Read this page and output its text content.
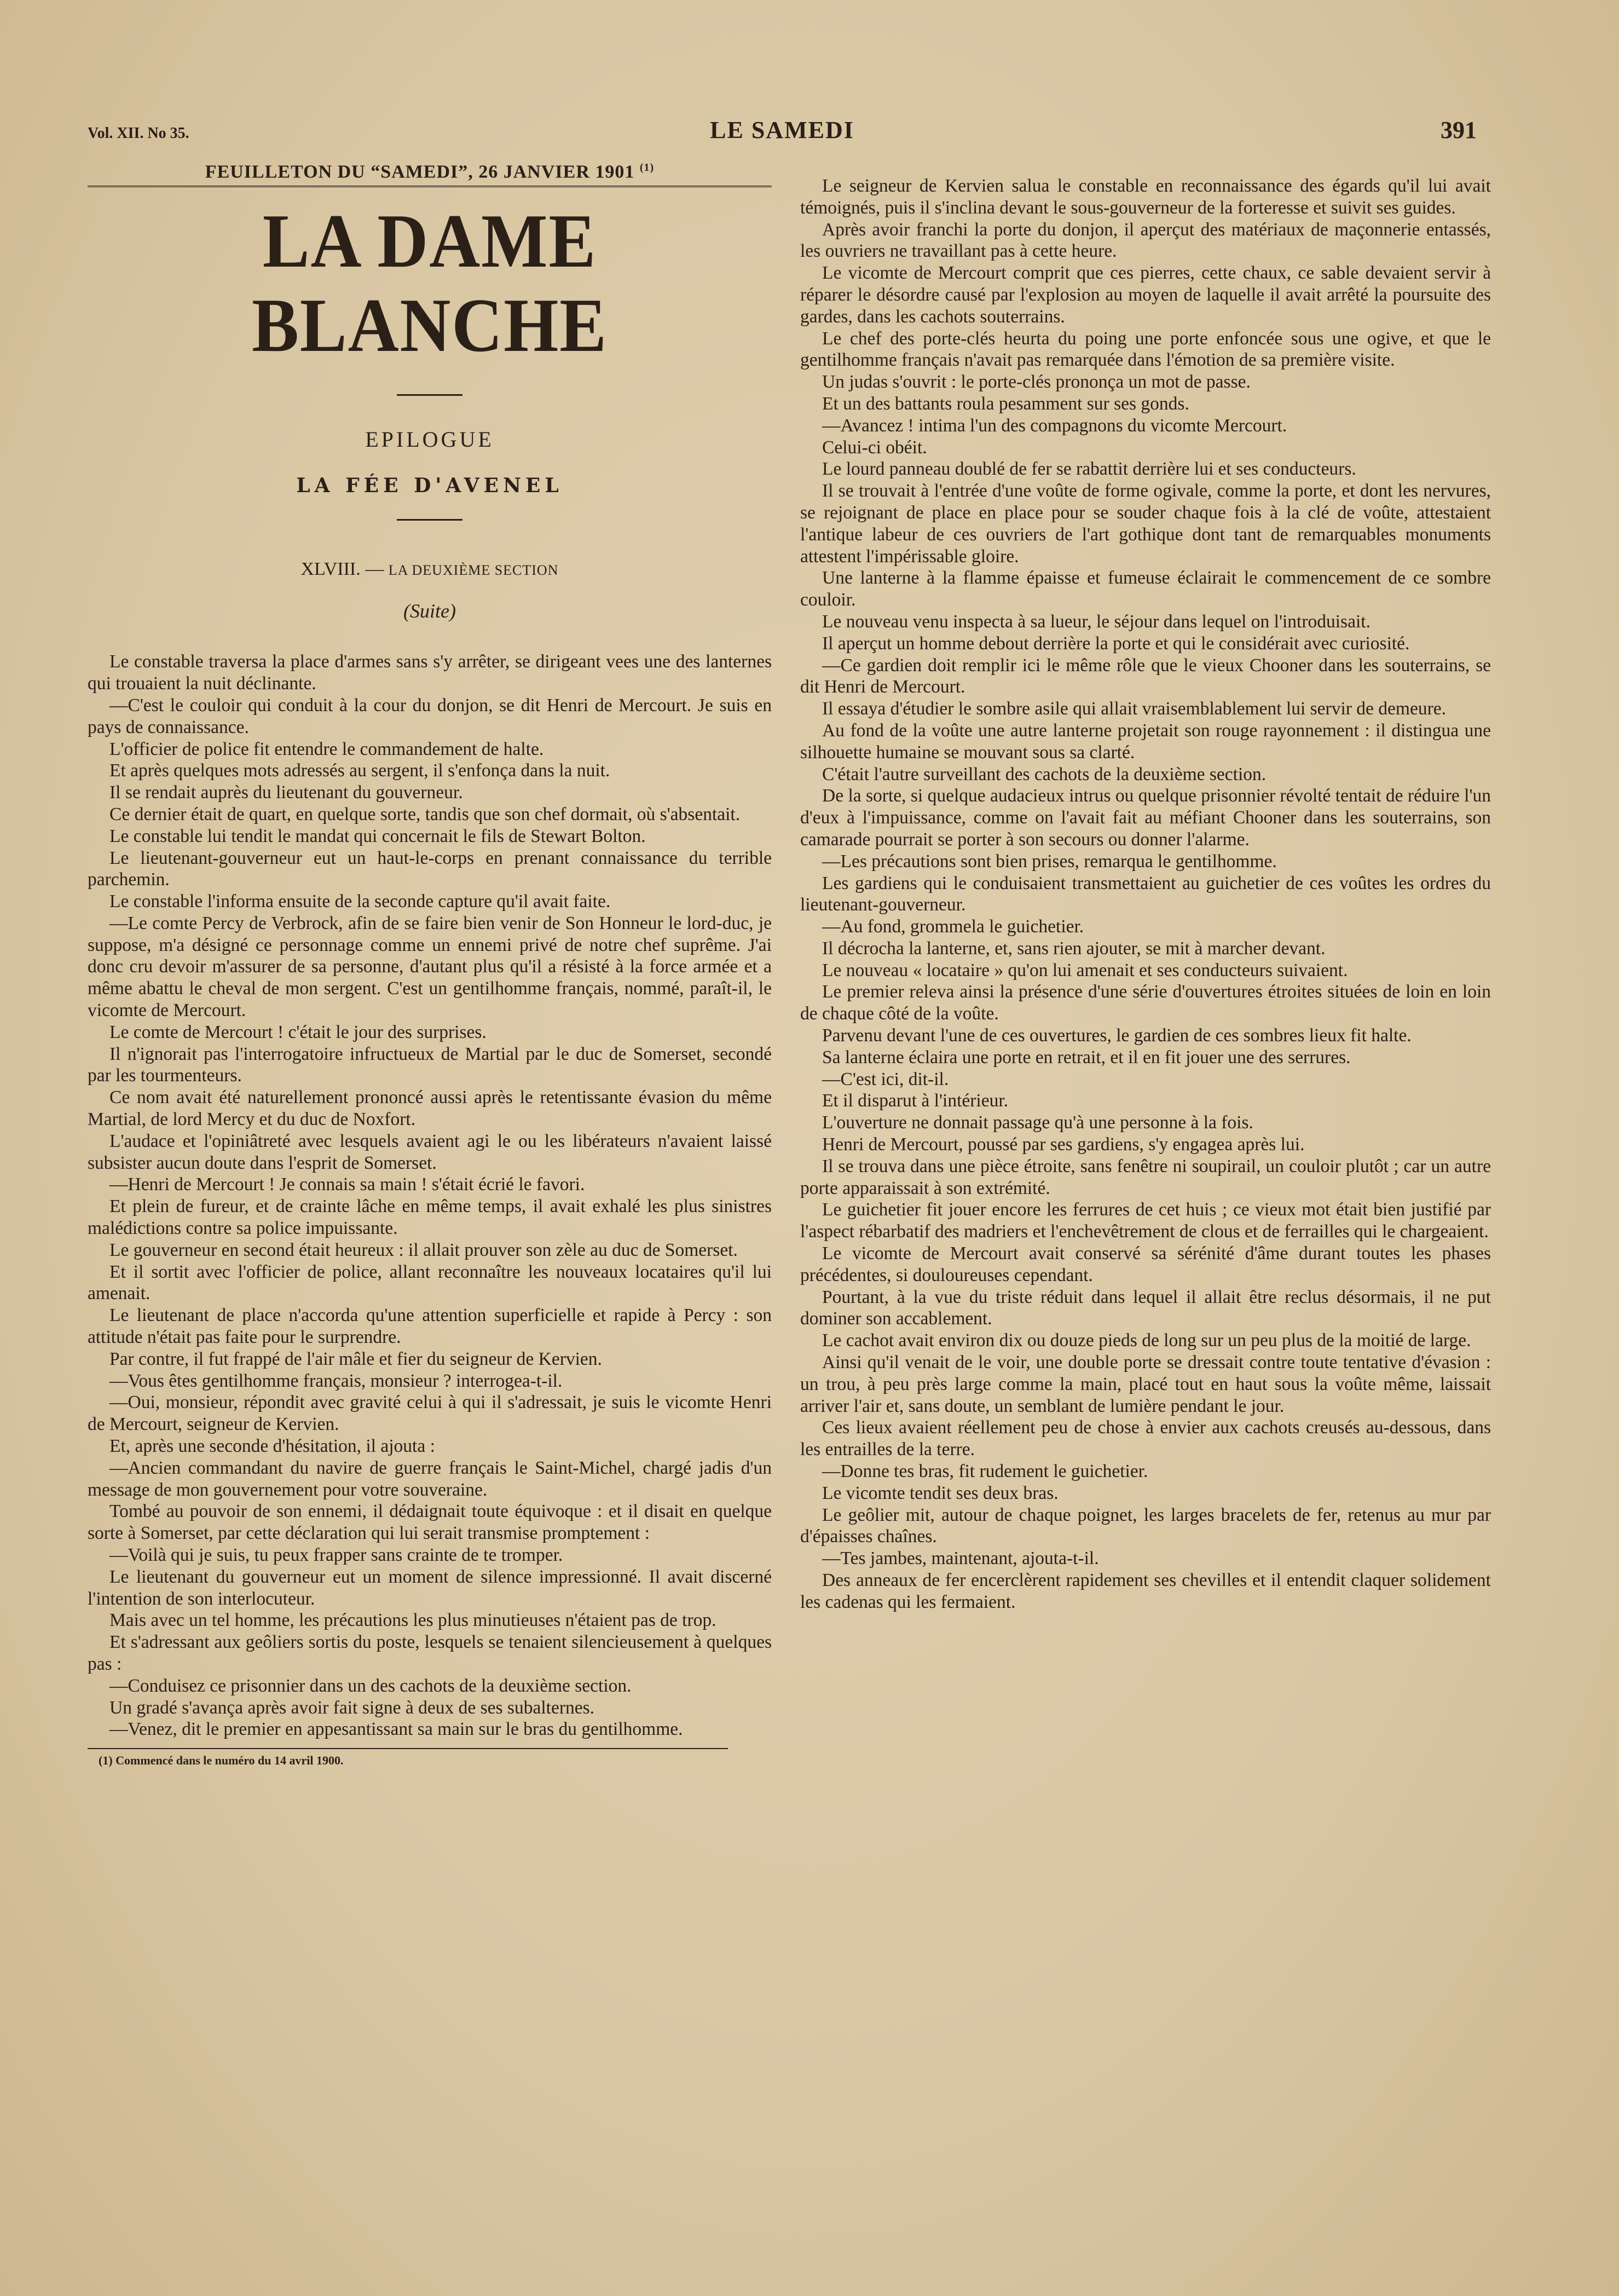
Vol. XII. No 35.	LE SAMEDI	391
FEUILLETON DU “SAMEDI”, 26 JANVIER 1901 $^{(1)}$
LA DAME BLANCHE
EPILOGUE
LA FÉE D'AVENEL
XLVIII. — LA DEUXIÈME SECTION
(Suite)

Le constable traversa la place d'armes sans s'y arrêter, se dirigeant vees une des lanternes qui trouaient la nuit déclinante.

—C'est le couloir qui conduit à la cour du donjon, se dit Henri de Mercourt. Je suis en pays de connaissance.

L'officier de police fit entendre le commandement de halte.

Et après quelques mots adressés au sergent, il s'enfonça dans la nuit.

Il se rendait auprès du lieutenant du gouverneur.

Ce dernier était de quart, en quelque sorte, tandis que son chef dormait, où s'absentait.

Le constable lui tendit le mandat qui concernait le fils de Stewart Bolton.

Le lieutenant-gouverneur eut un haut-le-corps en prenant connaissance du terrible parchemin.

Le constable l'informa ensuite de la seconde capture qu'il avait faite.

—Le comte Percy de Verbrock, afin de se faire bien venir de Son Honneur le lord-duc, je suppose, m'a désigné ce personnage comme un ennemi privé de notre chef suprême. J'ai donc cru devoir m'assurer de sa personne, d'autant plus qu'il a résisté à la force armée et a même abattu le cheval de mon sergent. C'est un gentilhomme français, nommé, paraît-il, le vicomte de Mercourt.

Le comte de Mercourt ! c'était le jour des surprises.

Il n'ignorait pas l'interrogatoire infructueux de Martial par le duc de Somerset, secondé par les tourmenteurs.

Ce nom avait été naturellement prononcé aussi après le retentissante évasion du même Martial, de lord Mercy et du duc de Noxfort.

L'audace et l'opiniâtreté avec lesquels avaient agi le ou les libérateurs n'avaient laissé subsister aucun doute dans l'esprit de Somerset.

—Henri de Mercourt ! Je connais sa main ! s'était écrié le favori.

Et plein de fureur, et de crainte lâche en même temps, il avait exhalé les plus sinistres malédictions contre sa police impuissante.

Le gouverneur en second était heureux : il allait prouver son zèle au duc de Somerset.

Et il sortit avec l'officier de police, allant reconnaître les nouveaux locataires qu'il lui amenait.

Le lieutenant de place n'accorda qu'une attention superficielle et rapide à Percy : son attitude n'était pas faite pour le surprendre.

Par contre, il fut frappé de l'air mâle et fier du seigneur de Kervien.

—Vous êtes gentilhomme français, monsieur ? interrogea-t-il.

—Oui, monsieur, répondit avec gravité celui à qui il s'adressait, je suis le vicomte Henri de Mercourt, seigneur de Kervien.

Et, après une seconde d'hésitation, il ajouta :

—Ancien commandant du navire de guerre français le Saint-Michel, chargé jadis d'un message de mon gouvernement pour votre souveraine.

Tombé au pouvoir de son ennemi, il dédaignait toute équivoque : et il disait en quelque sorte à Somerset, par cette déclaration qui lui serait transmise promptement :

—Voilà qui je suis, tu peux frapper sans crainte de te tromper.

Le lieutenant du gouverneur eut un moment de silence impressionné. Il avait discerné l'intention de son interlocuteur.

Mais avec un tel homme, les précautions les plus minutieuses n'étaient pas de trop.

Et s'adressant aux geôliers sortis du poste, lesquels se tenaient silencieusement à quelques pas :

—Conduisez ce prisonnier dans un des cachots de la deuxième section.

Un gradé s'avança après avoir fait signe à deux de ses subalternes.

—Venez, dit le premier en appesantissant sa main sur le bras du gentilhomme.

(1) Commencé dans le numéro du 14 avril 1900.

Le seigneur de Kervien salua le constable en reconnaissance des égards qu'il lui avait témoignés, puis il s'inclina devant le sous-gouverneur de la forteresse et suivit ses guides.

Après avoir franchi la porte du donjon, il aperçut des matériaux de maçonnerie entassés, les ouvriers ne travaillant pas à cette heure.

Le vicomte de Mercourt comprit que ces pierres, cette chaux, ce sable devaient servir à réparer le désordre causé par l'explosion au moyen de laquelle il avait arrêté la poursuite des gardes, dans les cachots souterrains.

Le chef des porte-clés heurta du poing une porte enfoncée sous une ogive, et que le gentilhomme français n'avait pas remarquée dans l'émotion de sa première visite.

Un judas s'ouvrit : le porte-clés prononça un mot de passe.

Et un des battants roula pesamment sur ses gonds.

—Avancez ! intima l'un des compagnons du vicomte Mercourt.

Celui-ci obéit.

Le lourd panneau doublé de fer se rabattit derrière lui et ses conducteurs.

Il se trouvait à l'entrée d'une voûte de forme ogivale, comme la porte, et dont les nervures, se rejoignant de place en place pour se souder chaque fois à la clé de voûte, attestaient l'antique labeur de ces ouvriers de l'art gothique dont tant de remarquables monuments attestent l'impérissable gloire.

Une lanterne à la flamme épaisse et fumeuse éclairait le commencement de ce sombre couloir.

Le nouveau venu inspecta à sa lueur, le séjour dans lequel on l'introduisait.

Il aperçut un homme debout derrière la porte et qui le considérait avec curiosité.

—Ce gardien doit remplir ici le même rôle que le vieux Chooner dans les souterrains, se dit Henri de Mercourt.

Il essaya d'étudier le sombre asile qui allait vraisemblablement lui servir de demeure.

Au fond de la voûte une autre lanterne projetait son rouge rayonnement : il distingua une silhouette humaine se mouvant sous sa clarté.

C'était l'autre surveillant des cachots de la deuxième section.

De la sorte, si quelque audacieux intrus ou quelque prisonnier révolté tentait de réduire l'un d'eux à l'impuissance, comme on l'avait fait au méfiant Chooner dans les souterrains, son camarade pourrait se porter à son secours ou donner l'alarme.

—Les précautions sont bien prises, remarqua le gentilhomme.

Les gardiens qui le conduisaient transmettaient au guichetier de ces voûtes les ordres du lieutenant-gouverneur.

—Au fond, grommela le guichetier.

Il décrocha la lanterne, et, sans rien ajouter, se mit à marcher devant.

Le nouveau « locataire » qu'on lui amenait et ses conducteurs suivaient.

Le premier releva ainsi la présence d'une série d'ouvertures étroites situées de loin en loin de chaque côté de la voûte.

Parvenu devant l'une de ces ouvertures, le gardien de ces sombres lieux fit halte.

Sa lanterne éclaira une porte en retrait, et il en fit jouer une des serrures.

—C'est ici, dit-il.

Et il disparut à l'intérieur.

L'ouverture ne donnait passage qu'à une personne à la fois.

Henri de Mercourt, poussé par ses gardiens, s'y engagea après lui.

Il se trouva dans une pièce étroite, sans fenêtre ni soupirail, un couloir plutôt ; car un autre porte apparaissait à son extrémité.

Le guichetier fit jouer encore les ferrures de cet huis ; ce vieux mot était bien justifié par l'aspect rébarbatif des madriers et l'enchevêtrement de clous et de ferrailles qui le chargeaient.

Le vicomte de Mercourt avait conservé sa sérénité d'âme durant toutes les phases précédentes, si douloureuses cependant.

Pourtant, à la vue du triste réduit dans lequel il allait être reclus désormais, il ne put dominer son accablement.

Le cachot avait environ dix ou douze pieds de long sur un peu plus de la moitié de large.

Ainsi qu'il venait de le voir, une double porte se dressait contre toute tentative d'évasion : un trou, à peu près large comme la main, placé tout en haut sous la voûte même, laissait arriver l'air et, sans doute, un semblant de lumière pendant le jour.

Ces lieux avaient réellement peu de chose à envier aux cachots creusés au-dessous, dans les entrailles de la terre.

—Donne tes bras, fit rudement le guichetier.

Le vicomte tendit ses deux bras.

Le geôlier mit, autour de chaque poignet, les larges bracelets de fer, retenus au mur par d'épaisses chaînes.

—Tes jambes, maintenant, ajouta-t-il.

Des anneaux de fer encerclèrent rapidement ses chevilles et il entendit claquer solidement les cadenas qui les fermaient.
